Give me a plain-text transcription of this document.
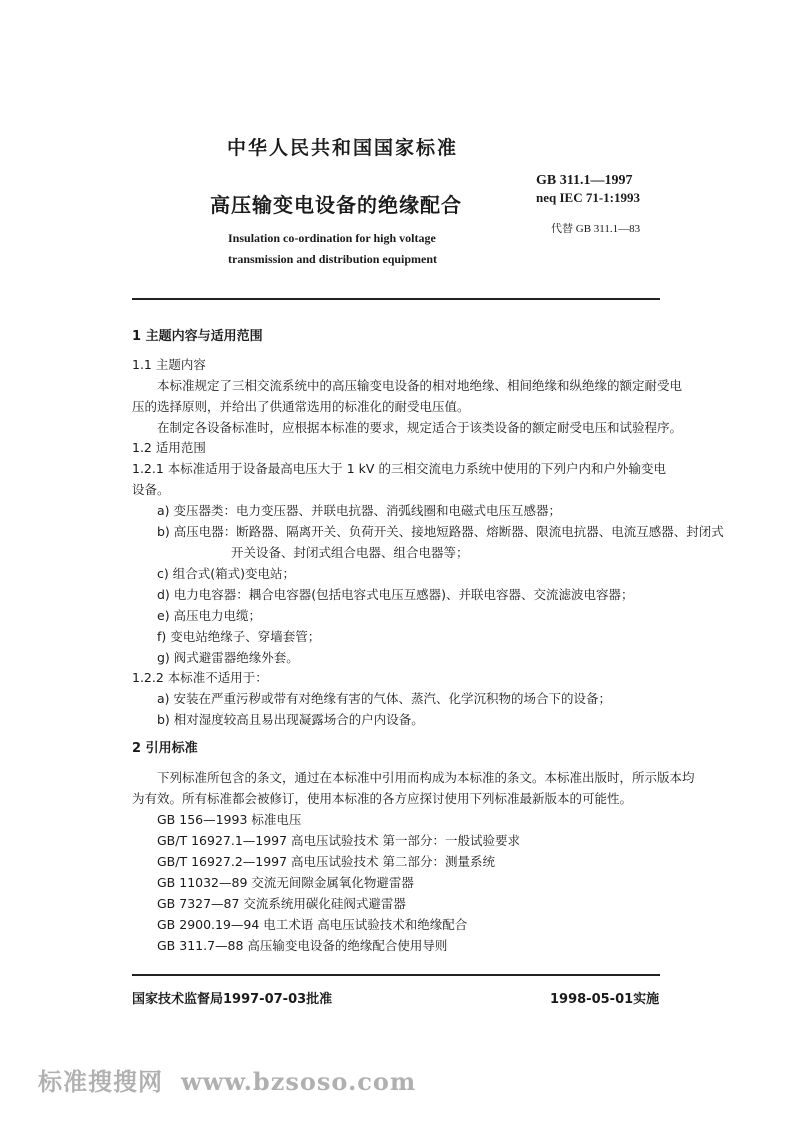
中华人民共和国国家标准
高压输变电设备的绝缘配合
Insulation co-ordination for high voltage
transmission and distribution equipment
GB 311.1—1997
neq IEC 71-1:1993
代替 GB 311.1—83
1 主题内容与适用范围
1.1 主题内容
本标准规定了三相交流系统中的高压输变电设备的相对地绝缘、相间绝缘和纵绝缘的额定耐受电
压的选择原则，并给出了供通常选用的标准化的耐受电压值。
在制定各设备标准时，应根据本标准的要求，规定适合于该类设备的额定耐受电压和试验程序。
1.2 适用范围
1.2.1 本标准适用于设备最高电压大于 1 kV 的三相交流电力系统中使用的下列户内和户外输变电
设备。
a) 变压器类：电力变压器、并联电抗器、消弧线圈和电磁式电压互感器；
b) 高压电器：断路器、隔离开关、负荷开关、接地短路器、熔断器、限流电抗器、电流互感器、封闭式
开关设备、封闭式组合电器、组合电器等；
c) 组合式(箱式)变电站；
d) 电力电容器：耦合电容器(包括电容式电压互感器)、并联电容器、交流滤波电容器；
e) 高压电力电缆；
f) 变电站绝缘子、穿墙套管；
g) 阀式避雷器绝缘外套。
1.2.2 本标准不适用于：
a) 安装在严重污秽或带有对绝缘有害的气体、蒸汽、化学沉积物的场合下的设备；
b) 相对湿度较高且易出现凝露场合的户内设备。
2 引用标准
下列标准所包含的条文，通过在本标准中引用而构成为本标准的条文。本标准出版时，所示版本均
为有效。所有标准都会被修订，使用本标准的各方应探讨使用下列标准最新版本的可能性。
GB 156—1993 标准电压
GB/T 16927.1—1997 高电压试验技术 第一部分：一般试验要求
GB/T 16927.2—1997 高电压试验技术 第二部分：测量系统
GB 11032—89 交流无间隙金属氧化物避雷器
GB 7327—87 交流系统用碳化硅阀式避雷器
GB 2900.19—94 电工术语 高电压试验技术和绝缘配合
GB 311.7—88 高压输变电设备的绝缘配合使用导则
国家技术监督局1997-07-03批准	1998-05-01实施
标准搜搜网 www.bzsoso.com
